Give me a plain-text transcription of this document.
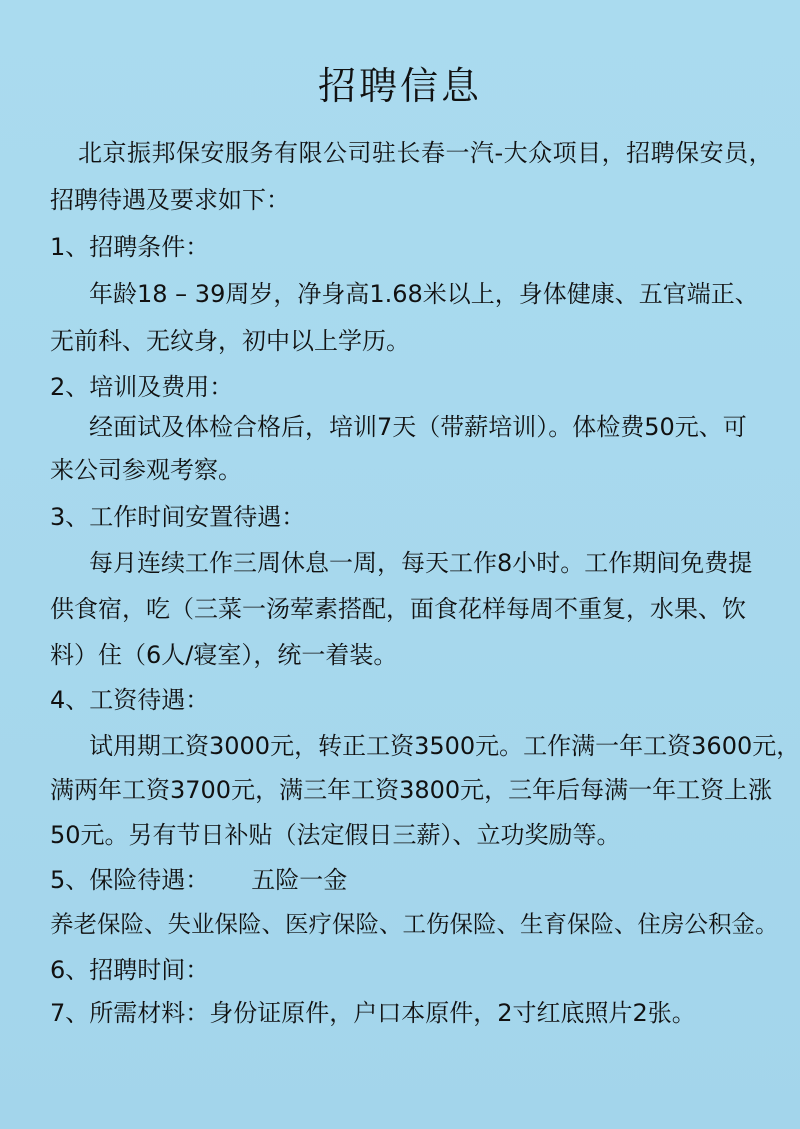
招聘信息
北京振邦保安服务有限公司驻长春一汽-大众项目，招聘保安员，
招聘待遇及要求如下：
1、招聘条件：
年龄18 – 39周岁，净身高1.68米以上，身体健康、五官端正、
无前科、无纹身，初中以上学历。
2、培训及费用：
经面试及体检合格后，培训7天（带薪培训）。体检费50元、可
来公司参观考察。
3、工作时间安置待遇：
每月连续工作三周休息一周，每天工作8小时。工作期间免费提
供食宿，吃（三菜一汤荤素搭配，面食花样每周不重复，水果、饮
料）住（6人/寝室），统一着装。
4、工资待遇：
试用期工资3000元，转正工资3500元。工作满一年工资3600元，
满两年工资3700元，满三年工资3800元，三年后每满一年工资上涨
50元。另有节日补贴（法定假日三薪）、立功奖励等。
5、保险待遇： 五险一金
养老保险、失业保险、医疗保险、工伤保险、生育保险、住房公积金。
6、招聘时间：
7、所需材料：身份证原件，户口本原件，2寸红底照片2张。
